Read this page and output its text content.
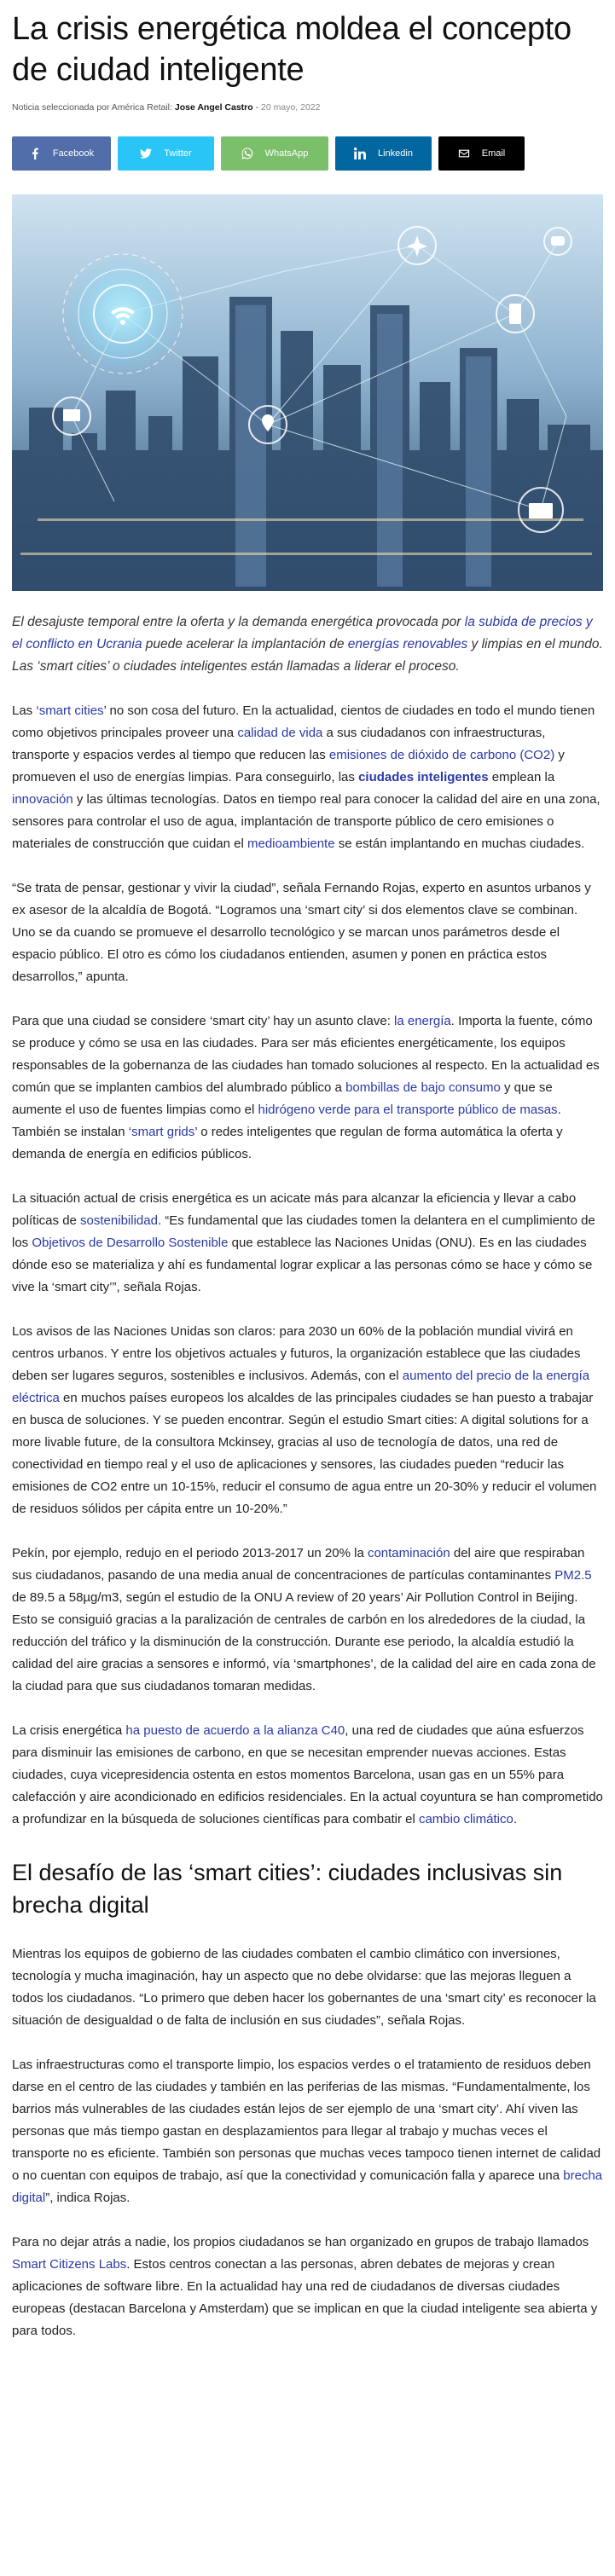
La crisis energética moldea el concepto de ciudad inteligente
Noticia seleccionada por América Retail: Jose Angel Castro - 20 mayo, 2022
Facebook	Twitter	WhatsApp	Linkedin	Email

El desajuste temporal entre la oferta y la demanda energética provocada por la subida de precios y el conflicto en Ucrania puede acelerar la implantación de energías renovables y limpias en el mundo. Las ‘smart cities’ o ciudades inteligentes están llamadas a liderar el proceso.

Las ‘smart cities’ no son cosa del futuro. En la actualidad, cientos de ciudades en todo el mundo tienen como objetivos principales proveer una calidad de vida a sus ciudadanos con infraestructuras, transporte y espacios verdes al tiempo que reducen las emisiones de dióxido de carbono (CO2) y promueven el uso de energías limpias. Para conseguirlo, las ciudades inteligentes emplean la innovación y las últimas tecnologías. Datos en tiempo real para conocer la calidad del aire en una zona, sensores para controlar el uso de agua, implantación de transporte público de cero emisiones o materiales de construcción que cuidan el medioambiente se están implantando en muchas ciudades.

“Se trata de pensar, gestionar y vivir la ciudad”, señala Fernando Rojas, experto en asuntos urbanos y ex asesor de la alcaldía de Bogotá. “Logramos una ‘smart city’ si dos elementos clave se combinan. Uno se da cuando se promueve el desarrollo tecnológico y se marcan unos parámetros desde el espacio público. El otro es cómo los ciudadanos entienden, asumen y ponen en práctica estos desarrollos,” apunta.

Para que una ciudad se considere ‘smart city’ hay un asunto clave: la energía. Importa la fuente, cómo se produce y cómo se usa en las ciudades. Para ser más eficientes energéticamente, los equipos responsables de la gobernanza de las ciudades han tomado soluciones al respecto. En la actualidad es común que se implanten cambios del alumbrado público a bombillas de bajo consumo y que se aumente el uso de fuentes limpias como el hidrógeno verde para el transporte público de masas. También se instalan ‘smart grids’ o redes inteligentes que regulan de forma automática la oferta y demanda de energía en edificios públicos.

La situación actual de crisis energética es un acicate más para alcanzar la eficiencia y llevar a cabo políticas de sostenibilidad. “Es fundamental que las ciudades tomen la delantera en el cumplimiento de los Objetivos de Desarrollo Sostenible que establece las Naciones Unidas (ONU). Es en las ciudades dónde eso se materializa y ahí es fundamental lograr explicar a las personas cómo se hace y cómo se vive la ‘smart city’”, señala Rojas.

Los avisos de las Naciones Unidas son claros: para 2030 un 60% de la población mundial vivirá en centros urbanos. Y entre los objetivos actuales y futuros, la organización establece que las ciudades deben ser lugares seguros, sostenibles e inclusivos. Además, con el aumento del precio de la energía eléctrica en muchos países europeos los alcaldes de las principales ciudades se han puesto a trabajar en busca de soluciones. Y se pueden encontrar. Según el estudio Smart cities: A digital solutions for a more livable future, de la consultora Mckinsey, gracias al uso de tecnología de datos, una red de conectividad en tiempo real y el uso de aplicaciones y sensores, las ciudades pueden “reducir las emisiones de CO2 entre un 10-15%, reducir el consumo de agua entre un 20-30% y reducir el volumen de residuos sólidos per cápita entre un 10-20%.”

Pekín, por ejemplo, redujo en el periodo 2013-2017 un 20% la contaminación del aire que respiraban sus ciudadanos, pasando de una media anual de concentraciones de partículas contaminantes PM2.5 de 89.5 a 58µg/m3, según el estudio de la ONU A review of 20 years’ Air Pollution Control in Beijing. Esto se consiguió gracias a la paralización de centrales de carbón en los alrededores de la ciudad, la reducción del tráfico y la disminución de la construcción. Durante ese periodo, la alcaldía estudió la calidad del aire gracias a sensores e informó, vía ‘smartphones’, de la calidad del aire en cada zona de la ciudad para que sus ciudadanos tomaran medidas.

La crisis energética ha puesto de acuerdo a la alianza C40, una red de ciudades que aúna esfuerzos para disminuir las emisiones de carbono, en que se necesitan emprender nuevas acciones. Estas ciudades, cuya vicepresidencia ostenta en estos momentos Barcelona, usan gas en un 55% para calefacción y aire acondicionado en edificios residenciales. En la actual coyuntura se han comprometido a profundizar en la búsqueda de soluciones científicas para combatir el cambio climático.

El desafío de las ‘smart cities’: ciudades inclusivas sin brecha digital

Mientras los equipos de gobierno de las ciudades combaten el cambio climático con inversiones, tecnología y mucha imaginación, hay un aspecto que no debe olvidarse: que las mejoras lleguen a todos los ciudadanos. “Lo primero que deben hacer los gobernantes de una ‘smart city’ es reconocer la situación de desigualdad o de falta de inclusión en sus ciudades”, señala Rojas.

Las infraestructuras como el transporte limpio, los espacios verdes o el tratamiento de residuos deben darse en el centro de las ciudades y también en las periferias de las mismas. “Fundamentalmente, los barrios más vulnerables de las ciudades están lejos de ser ejemplo de una ‘smart city’. Ahí viven las personas que más tiempo gastan en desplazamientos para llegar al trabajo y muchas veces el transporte no es eficiente. También son personas que muchas veces tampoco tienen internet de calidad o no cuentan con equipos de trabajo, así que la conectividad y comunicación falla y aparece una brecha digital”, indica Rojas.

Para no dejar atrás a nadie, los propios ciudadanos se han organizado en grupos de trabajo llamados Smart Citizens Labs. Estos centros conectan a las personas, abren debates de mejoras y crean aplicaciones de software libre. En la actualidad hay una red de ciudadanos de diversas ciudades europeas (destacan Barcelona y Amsterdam) que se implican en que la ciudad inteligente sea abierta y para todos.
